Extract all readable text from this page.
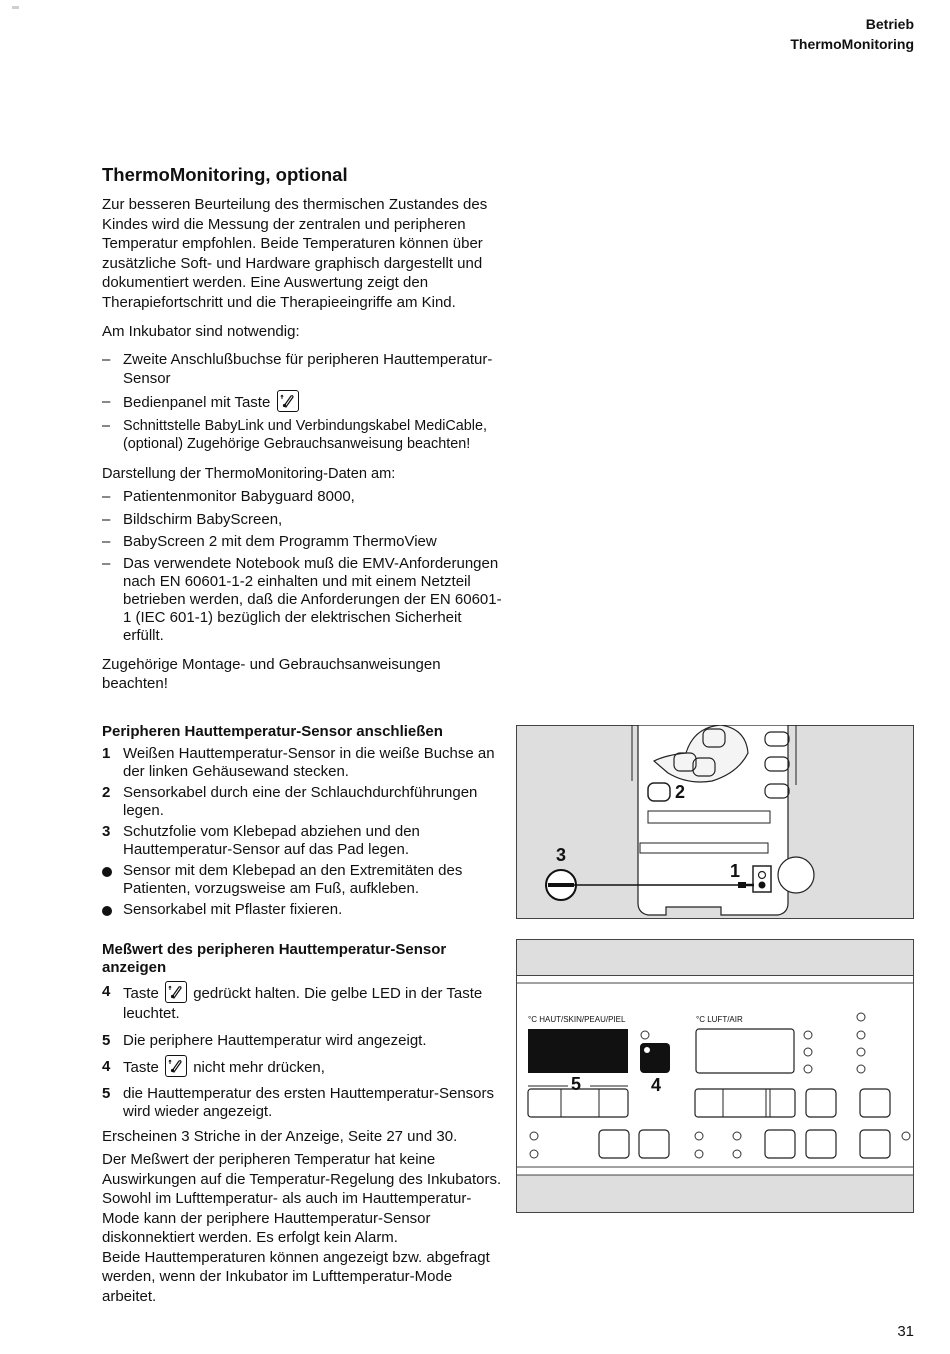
Betrieb
ThermoMonitoring
ThermoMonitoring, optional

Zur besseren Beurteilung des thermischen Zustandes des Kindes wird die Messung der zentralen und peripheren Temperatur empfohlen. Beide Temperaturen können über zusätzliche Soft- und Hardware graphisch dargestellt und dokumentiert werden. Eine Auswertung zeigt den Therapiefortschritt und die Therapieeingriffe am Kind.

Am Inkubator sind notwendig:

– Zweite Anschlußbuchse für peripheren Hauttemperatur-Sensor
– Bedienpanel mit Taste
– Schnittstelle BabyLink und Verbindungskabel MediCable, (optional) Zugehörige Gebrauchsanweisung beachten!

Darstellung der ThermoMonitoring-Daten am:

– Patientenmonitor Babyguard 8000,
– Bildschirm BabyScreen,
– BabyScreen 2 mit dem Programm ThermoView
– Das verwendete Notebook muß die EMV-Anforderungen nach EN 60601-1-2 einhalten und mit einem Netzteil betrieben werden, daß die Anforderungen der EN 60601-1 (IEC 601-1) bezüglich der elektrischen Sicherheit erfüllt.

Zugehörige Montage- und Gebrauchsanweisungen beachten!

Peripheren Hauttemperatur-Sensor anschließen
1 Weißen Hauttemperatur-Sensor in die weiße Buchse an der linken Gehäusewand stecken.
2 Sensorkabel durch eine der Schlauchdurchführungen legen.
3 Schutzfolie vom Klebepad abziehen und den Hauttemperatur-Sensor auf das Pad legen.
Sensor mit dem Klebepad an den Extremitäten des Patienten, vorzugsweise am Fuß, aufkleben.
Sensorkabel mit Pflaster fixieren.
Meßwert des peripheren Hauttemperatur-Sensor anzeigen
4 Taste gedrückt halten. Die gelbe LED in der Taste leuchtet.
5 Die periphere Hauttemperatur wird angezeigt.
4 Taste nicht mehr drücken,
5 die Hauttemperatur des ersten Hauttemperatur-Sensors wird wieder angezeigt.

Erscheinen 3 Striche in der Anzeige, Seite 27 und 30.

Der Meßwert der peripheren Temperatur hat keine Auswirkungen auf die Temperatur-Regelung des Inkubators. Sowohl im Lufttemperatur- als auch im Hauttemperatur-Mode kann der periphere Hauttemperatur-Sensor diskonnektiert werden. Es erfolgt kein Alarm.

Beide Hauttemperaturen können angezeigt bzw. abgefragt werden, wenn der Inkubator im Lufttemperatur-Mode arbeitet.

1
2
3
°C HAUT/SKIN/PEAU/PIEL	°C LUFT/AIR
4
5
31
